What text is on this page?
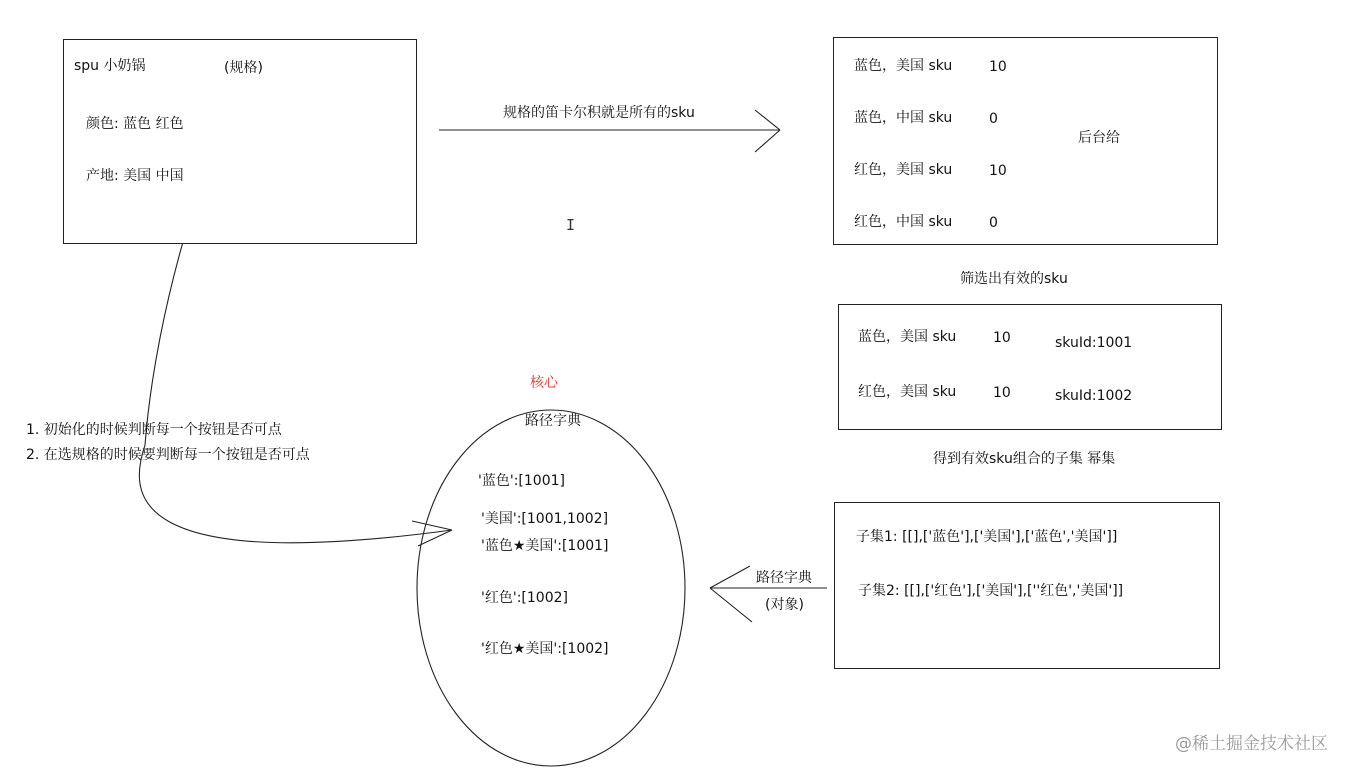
spu 小奶锅	(规格)
颜色: 蓝色 红色
产地: 美国 中国
规格的笛卡尔积就是所有的sku
蓝色，美国 sku	10
蓝色，中国 sku	0
红色，美国 sku	10
红色，中国 sku	0
后台给
筛选出有效的sku
蓝色，美国 sku	10	skuId:1001
红色，美国 sku	10	skuId:1002
得到有效sku组合的子集 幂集
子集1: [[],['蓝色'],['美国'],['蓝色','美国']]
子集2: [[],['红色'],['美国'],[''红色','美国']]
路径字典
(对象)
核心
路径字典
'蓝色':[1001]
'美国':[1001,1002]
'蓝色★美国':[1001]
'红色':[1002]
'红色★美国':[1002]
1. 初始化的时候判断每一个按钮是否可点
2. 在选规格的时候要判断每一个按钮是否可点
I
@稀土掘金技术社区
